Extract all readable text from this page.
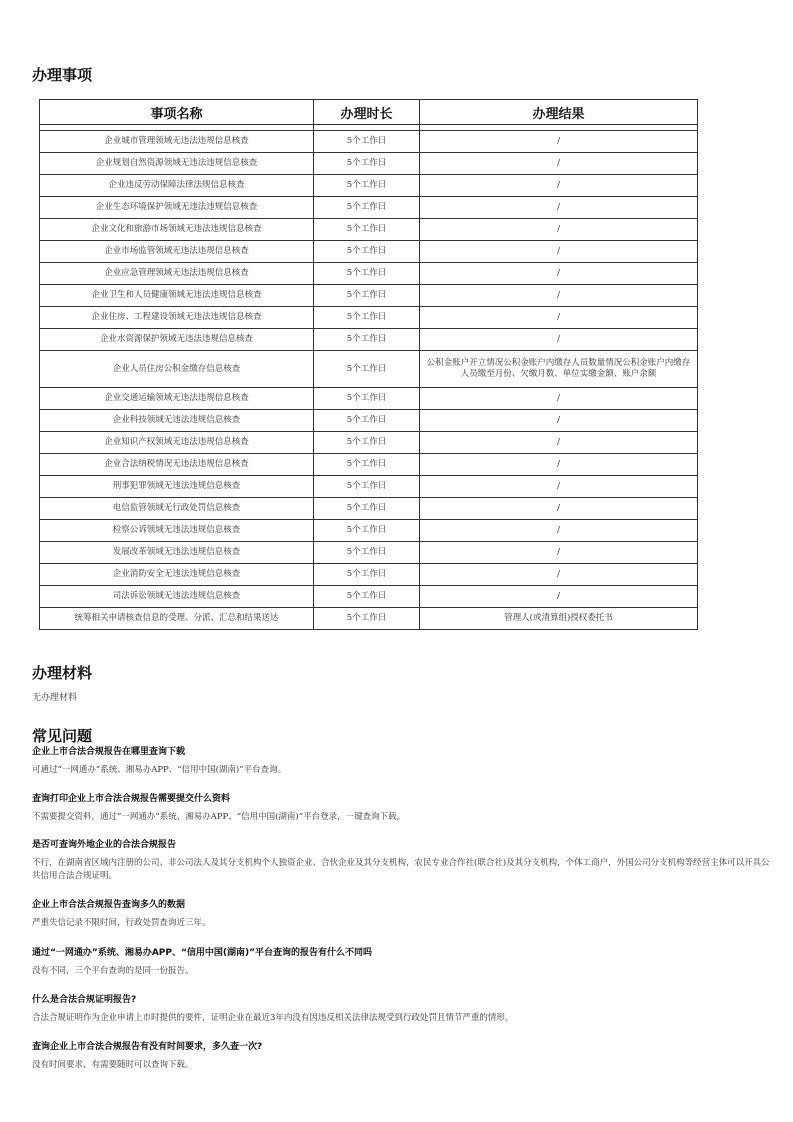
办理事项
事项名称	办理时长	办理结果

企业城市管理领域无违法违规信息核查	5个工作日	/
企业规划自然资源领域无违法违规信息核查	5个工作日	/
企业违反劳动保障法律法规信息核查	5个工作日	/
企业生态环境保护领域无违法违规信息核查	5个工作日	/
企业文化和旅游市场领域无违法违规信息核查	5个工作日	/
企业市场监管领域无违法违规信息核查	5个工作日	/
企业应急管理领域无违法违规信息核查	5个工作日	/
企业卫生和人员健康领域无违法违规信息核查	5个工作日	/
企业住房、工程建设领域无违法违规信息核查	5个工作日	/
企业水资源保护领域无违法违规信息核查	5个工作日	/
企业人员住房公积金缴存信息核查	5个工作日	公积金账户开立情况公积金账户内缴存人员数量情况公积金账户内缴存人员缴至月份、欠缴月数、单位实缴金额、账户余额
企业交通运输领域无违法违规信息核查	5个工作日	/
企业科技领域无违法违规信息核查	5个工作日	/
企业知识产权领域无违法违规信息核查	5个工作日	/
企业合法纳税情况无违法违规信息核查	5个工作日	/
刑事犯罪领域无违法违规信息核查	5个工作日	/
电信监管领域无行政处罚信息核查	5个工作日	/
检察公诉领域无违法违规信息核查	5个工作日	/
发展改革领域无违法违规信息核查	5个工作日	/
企业消防安全无违法违规信息核查	5个工作日	/
司法诉讼领域无违法违规信息核查	5个工作日	/
统筹相关申请核查信息的受理、分派、汇总和结果送达	5个工作日	管理人(或清算组)授权委托书
办理材料

无办理材料

常见问题

企业上市合法合规报告在哪里查询下载

可通过“一网通办”系统、湘易办APP、“信用中国(湖南)”平台查询。

查询打印企业上市合法合规报告需要提交什么资料

不需要提交资料，通过“一网通办”系统、湘易办APP、“信用中国(湖南)”平台登录，一键查询下载。

是否可查询外地企业的合法合规报告

不行，在湖南省区域内注册的公司、非公司法人及其分支机构个人独资企业、合伙企业及其分支机构，农民专业合作社(联合社)及其分支机构，个体工商户，外国公司分支机构等经营主体可以开具公共信用合法合规证明。

企业上市合法合规报告查询多久的数据

严重失信记录不限时间，行政处罚查询近三年。

通过“一网通办”系统、湘易办APP、“信用中国(湖南)”平台查询的报告有什么不同吗

没有不同，三个平台查询的是同一份报告。

什么是合法合规证明报告?

合法合规证明作为企业申请上市时提供的要件，证明企业在最近3年内没有因违反相关法律法规受到行政处罚且情节严重的情形。

查询企业上市合法合规报告有没有时间要求，多久查一次?

没有时间要求，有需要随时可以查询下载。
